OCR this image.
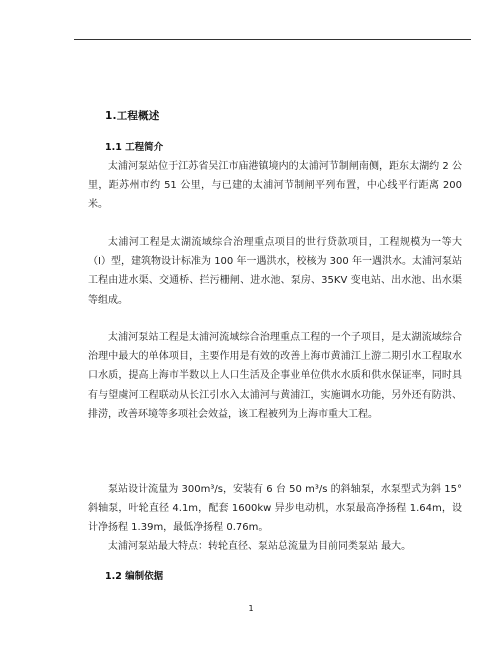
1.工程概述
1.1 工程简介
太浦河泵站位于江苏省吴江市庙港镇境内的太浦河节制闸南侧，距东太湖约 2 公里，距苏州市约 51 公里，与已建的太浦河节制闸平列布置，中心线平行距离 200 米。
太浦河工程是太湖流域综合治理重点项目的世行贷款项目，工程规模为一等大（Ⅰ）型，建筑物设计标准为 100 年一遇洪水，校核为 300 年一遇洪水。太浦河泵站工程由进水渠、交通桥、拦污栅闸、进水池、泵房、35KV 变电站、出水池、出水渠等组成。
太浦河泵站工程是太浦河流域综合治理重点工程的一个子项目，是太湖流域综合治理中最大的单体项目，主要作用是有效的改善上海市黄浦江上游二期引水工程取水口水质，提高上海市半数以上人口生活及企事业单位供水水质和供水保证率，同时具有与望虞河工程联动从长江引水入太浦河与黄浦江，实施调水功能，另外还有防洪、排涝，改善环境等多项社会效益，该工程被列为上海市重大工程。
泵站设计流量为 300m³/s，安装有 6 台 50 m³/s 的斜轴泵，水泵型式为斜 15° 斜轴泵，叶轮直径 4.1m，配套 1600kw 异步电动机，水泵最高净扬程 1.64m，设计净扬程 1.39m，最低净扬程 0.76m。
太浦河泵站最大特点：转轮直径、泵站总流量为目前同类泵站 最大。
1.2 编制依据
1
